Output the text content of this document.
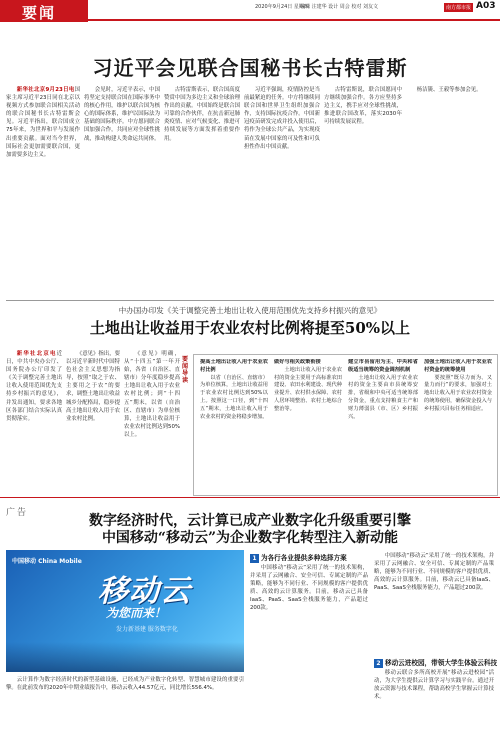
要闻	2020年9月24日 星期四
编辑 注建华 设计 周会 校对 刘友文	南方都市报 A03
习近平会见联合国秘书长古特雷斯

新华社北京9月23日电国家主席习近平23日同在北京以视频方式参加联合国相关活动的联合国秘书长古特雷斯会见。习近平指出，联合国成立75年来，为世界和平与发展作出重要贡献。面对当今世界，国际社会更加需要联合国，更加需要多边主义。

会见时，习近平表示，中国将坚定支持联合国在国际事务中的核心作用，维护以联合国为核心的国际体系，维护以国际法为基础的国际秩序。中方愿同联合国加强合作，共同应对全球性挑战，推动构建人类命运共同体。

古特雷斯表示，联合国高度赞赏中国为多边主义和全球治理作出的贡献。中国始终是联合国可靠的合作伙伴，在抗击新冠肺炎疫情、应对气候变化、推进可持续发展等方面发挥着重要作用。

习近平强调，疫情防控是当前最紧迫的任务。中方将继续同联合国和世界卫生组织加强合作，支持国际抗疫合作。中国新冠疫苗研发完成并投入使用后，将作为全球公共产品，为实现疫苗在发展中国家的可及性和可负担性作出中国贡献。

古特雷斯说，联合国愿同中方继续加强合作。各方应坚持多边主义，携手应对全球性挑战，推进联合国改革，落实2030年可持续发展议程。

杨洁篪、王毅等参加会见。

中办国办印发《关于调整完善土地出让收入使用范围优先支持乡村振兴的意见》
土地出让收益用于农业农村比例将提至50%以上

新华社北京电近日，中共中央办公厅、国务院办公厅印发了《关于调整完善土地出让收入使用范围优先支持乡村振兴的意见》，并发出通知，要求各地区各部门结合实际认真贯彻落实。

《意见》指出，要以习近平新时代中国特色社会主义思想为指导，按照“取之于农、主要用之于农”的要求，调整土地出让收益城乡分配格局，稳步提高土地出让收入用于农业农村比例。

《意见》明确，从“十四五”第一年开始，各省（自治区、直辖市）分年度稳步提高土地出让收入用于农业农村比例；到“十四五”期末，以省（自治区、直辖市）为单位核算，土地出让收益用于农业农村比例达到50%以上。

要闻导读

提高土地出让收入用于农业农村比例

以省（自治区、直辖市）为单位核算，土地出让收益用于农业农村比例达到50%以上。按照这一口径，到“十四五”期末，土地出让收入用于农业农村的资金将稳步增加。

做好与相关政策衔接

土地出让收入用于农业农村的资金主要用于高标准农田建设、农田水利建设、现代种业提升、农村供水保障、农村人居环境整治、农村土地综合整治等。

建立市县留用为主、中央和省级适当统筹的资金调剂机制

土地出让收入用于农业农村的资金主要由市县统筹安排，省级和中央可适当统筹部分资金，重点支持粮食主产和财力薄弱县（市、区）乡村振兴。

加强土地出让收入用于农业农村资金的统筹使用

要按照“既尽力而为、又量力而行”的要求，加强对土地出让收入用于农业农村资金的统筹使用，确保资金投入与乡村振兴目标任务相适应。

广告	数字经济时代，云计算已成产业数字化升级重要引擎
中国移动“移动云”为企业数字化转型注入新动能
中国移动 China Mobile
移动云
为您而来！
发力新基建 服务数字化

云计算作为数字经济时代的新型基础设施，已经成为产业数字化转型、智慧城市建设的重要引擎。在此前发布的2020年中期业绩报告中，移动云收入44.57亿元，同比增长556.4%。

1 为各行各业提供多种选择方案

中国移动“移动云”采用了统一的技术架构，并采用了云网融合、安全可信、专属定制的产品策略，能够为不同行业、不同规模的客户提供优质、高效的云计算服务。目前，移动云已具备IaaS、PaaS、SaaS全栈服务能力，产品超过200款。

中国移动“移动云”采用了统一的技术架构，并采用了云网融合、安全可信、专属定制的产品策略，能够为不同行业、不同规模的客户提供优质、高效的云计算服务。目前，移动云已具备IaaS、PaaS、SaaS全栈服务能力，产品超过200款。

2 移动云进校园，带领大学生体验云科技

移动云联合多所高校开展“移动云进校园”活动，为大学生提供云计算学习与实践平台。通过开放云资源与技术课程，帮助高校学生掌握云计算技术。
